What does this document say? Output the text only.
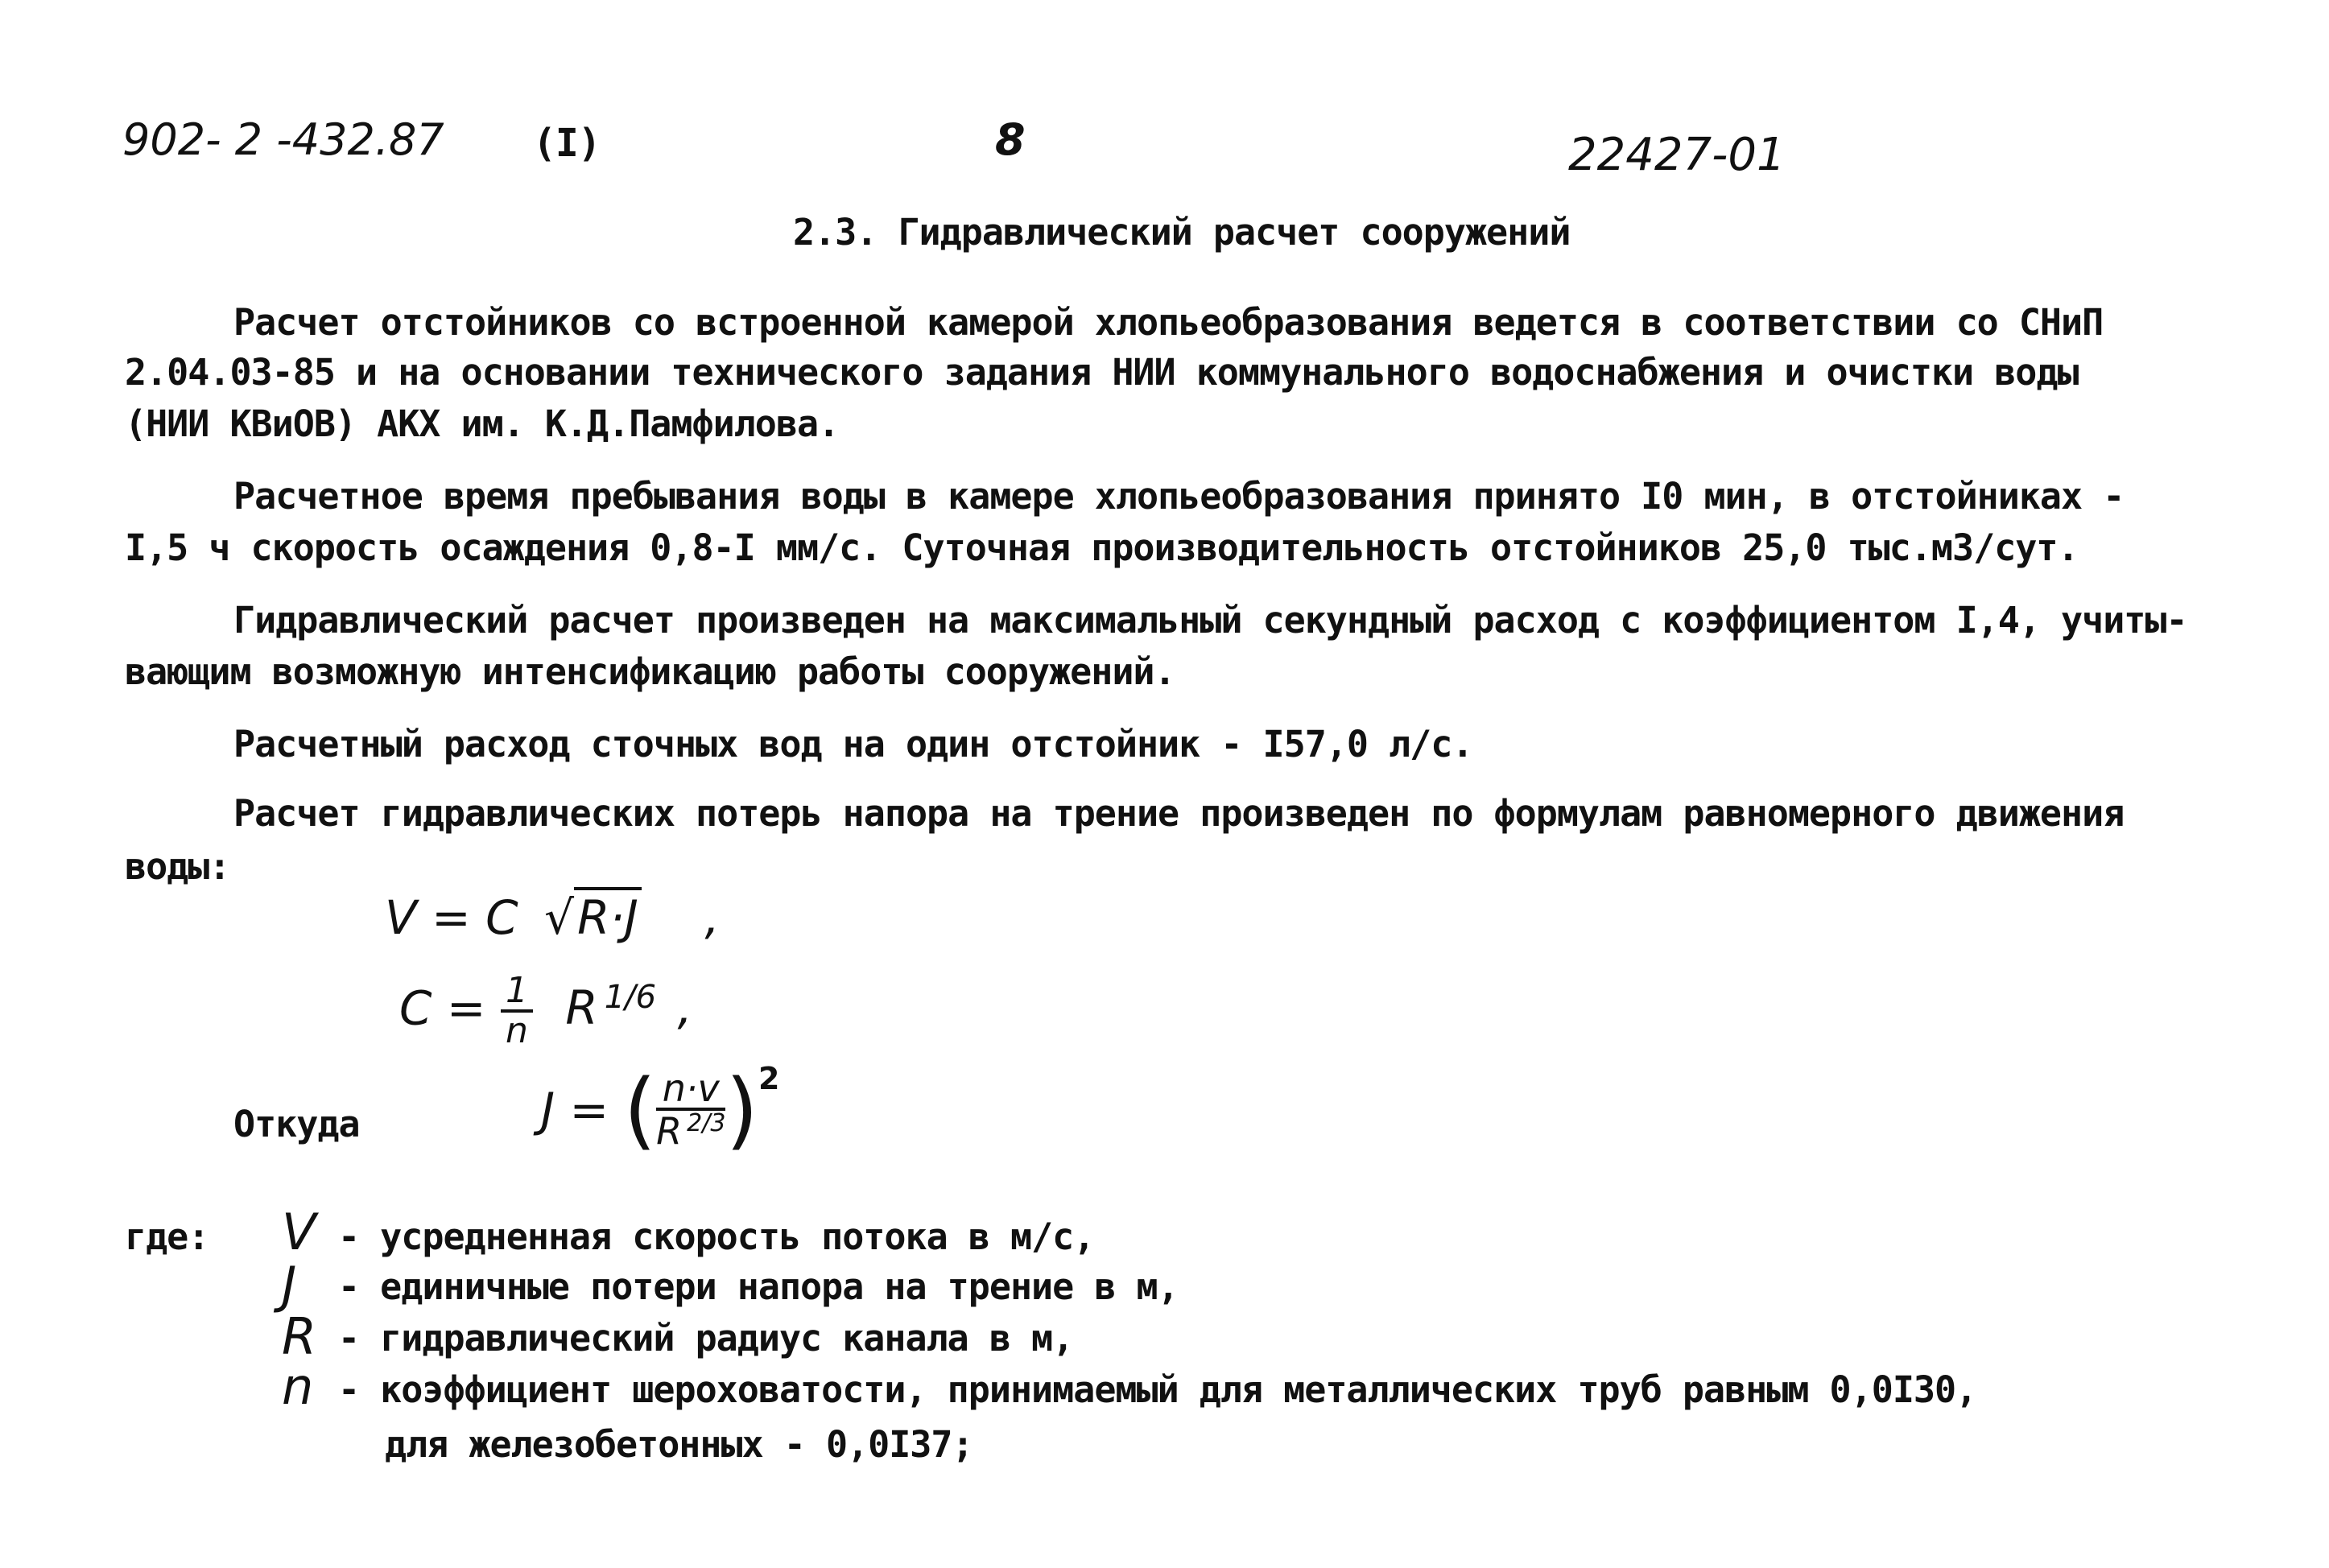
902- 2 -432.87 (I)	8	22427-01
2.3. Гидравлический расчет сооружений
Расчет отстойников со встроенной камерой хлопьеобразования ведется в соответствии со СНиП
2.04.03-85 и на основании технического задания НИИ коммунального водоснабжения и очистки воды
(НИИ КВиОВ) АКХ им. К.Д.Памфилова.
Расчетное время пребывания воды в камере хлопьеобразования принято I0 мин, в отстойниках -
I,5 ч скорость осаждения 0,8-I мм/с. Суточная производительность отстойников 25,0 тыс.м3/сут.
Гидравлический расчет произведен на максимальный секундный расход с коэффициентом I,4, учиты-
вающим возможную интенсификацию работы сооружений.
Расчетный расход сточных вод на один отстойник - I57,0 л/с.
Расчет гидравлических потерь напора на трение произведен по формулам равномерного движения
воды:
V = C √R·J ,
$C = \frac{1}{n}$ R $^{1/6}$ ,
Откуда	J = ( $\frac{n\cdot v}{R ^{2/3}} )^2$
где: V - усредненная скорость потока в м/с,
J - единичные потери напора на трение в м,
R - гидравлический радиус канала в м,
n - коэффициент шероховатости, принимаемый для металлических труб равным 0,0I30,
для железобетонных - 0,0I37;
